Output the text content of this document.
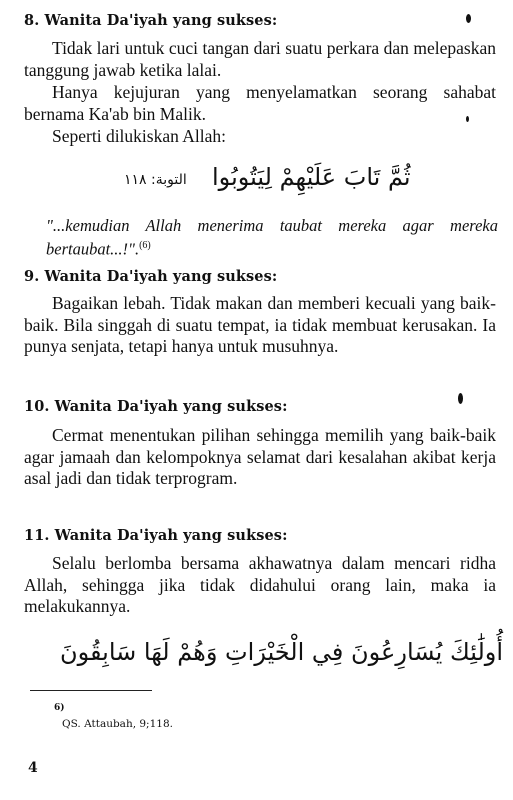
8. Wanita Da'iyah yang sukses:
Tidak lari untuk cuci tangan dari suatu perkara dan melepaskan tanggung jawab ketika lalai.
Hanya kejujuran yang menyelamatkan seorang sahabat bernama Ka'ab bin Malik.
Seperti dilukiskan Allah:
ثُمَّ تَابَ عَلَيْهِمْ لِيَتُوبُوا
التوبة: ١١٨
"...kemudian Allah menerima taubat mereka agar mereka bertaubat...!".$^{(6)}$
9. Wanita Da'iyah yang sukses:
Bagaikan lebah. Tidak makan dan memberi kecuali yang baik-baik. Bila singgah di suatu tempat, ia tidak membuat kerusakan. Ia punya senjata, tetapi hanya untuk musuhnya.
10. Wanita Da'iyah yang sukses:
Cermat menentukan pilihan sehingga memilih yang baik-baik agar jamaah dan kelompoknya selamat dari kesalahan akibat kerja asal jadi dan tidak terprogram.
11. Wanita Da'iyah yang sukses:
Selalu berlomba bersama akhawatnya dalam mencari ridha Allah, sehingga jika tidak didahului orang lain, maka ia melakukannya.
أُولَٰئِكَ يُسَارِعُونَ فِي الْخَيْرَاتِ وَهُمْ لَهَا سَابِقُونَ
6)
QS. Attaubah, 9;118.
4
